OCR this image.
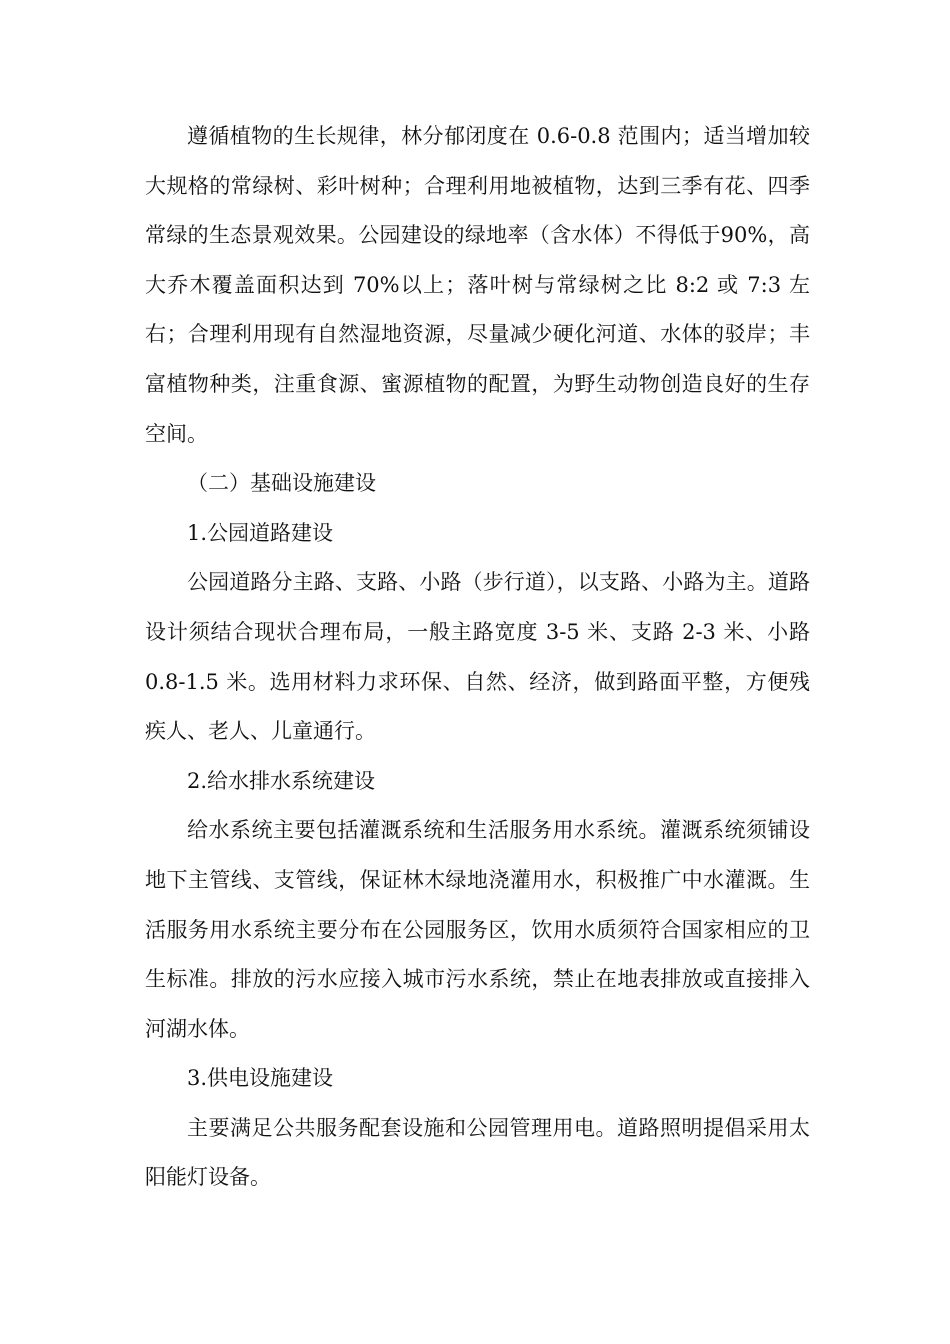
遵循植物的生长规律，林分郁闭度在 0.6-0.8 范围内；适当增加较大规格的常绿树、彩叶树种；合理利用地被植物，达到三季有花、四季常绿的生态景观效果。公园建设的绿地率（含水体）不得低于90%，高大乔木覆盖面积达到 70%以上；落叶树与常绿树之比 8:2 或 7:3 左右；合理利用现有自然湿地资源，尽量减少硬化河道、水体的驳岸；丰富植物种类，注重食源、蜜源植物的配置，为野生动物创造良好的生存空间。

（二）基础设施建设

1.公园道路建设

公园道路分主路、支路、小路（步行道），以支路、小路为主。道路设计须结合现状合理布局，一般主路宽度 3-5 米、支路 2-3 米、小路 0.8-1.5 米。选用材料力求环保、自然、经济，做到路面平整，方便残疾人、老人、儿童通行。

2.给水排水系统建设

给水系统主要包括灌溉系统和生活服务用水系统。灌溉系统须铺设地下主管线、支管线，保证林木绿地浇灌用水，积极推广中水灌溉。生活服务用水系统主要分布在公园服务区，饮用水质须符合国家相应的卫生标准。排放的污水应接入城市污水系统，禁止在地表排放或直接排入河湖水体。

3.供电设施建设

主要满足公共服务配套设施和公园管理用电。道路照明提倡采用太阳能灯设备。
